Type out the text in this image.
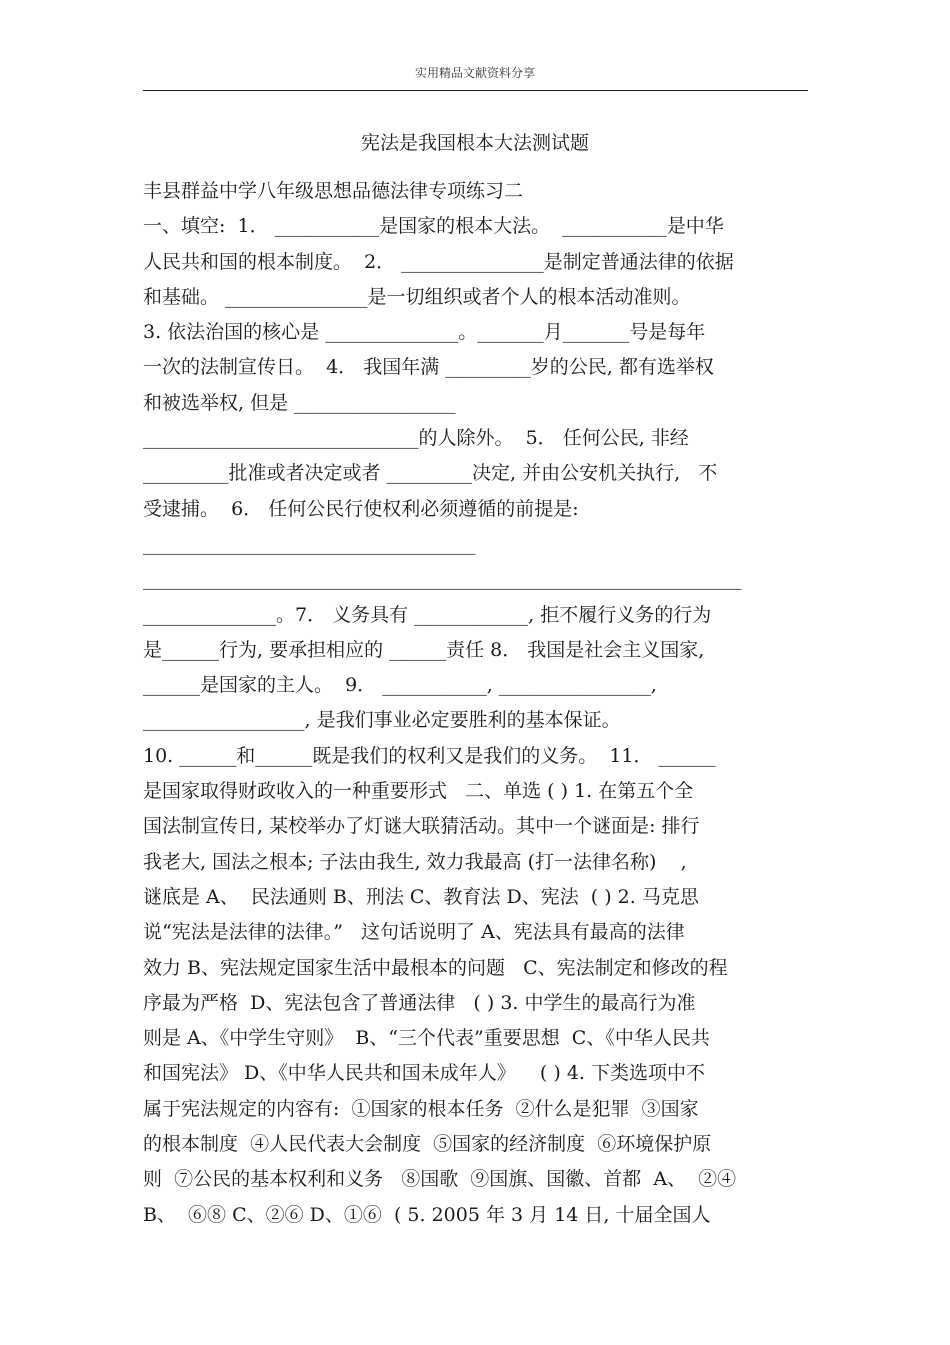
实用精品文献资料分享
宪法是我国根本大法测试题
丰县群益中学八年级思想品德法律专项练习二
一、填空:  1． ___________是国家的根本大法。  ___________是中华
人民共和国的根本制度。  2． _______________是制定普通法律的依据
和基础。 _______________是一切组织或者个人的根本活动准则。
3. 依法治国的核心是 ______________。_______月_______号是每年
一次的法制宣传日。  4． 我国年满 _________岁的公民, 都有选举权
和被选举权, 但是 _________________
_____________________________的人除外。  5． 任何公民, 非经
_________批准或者决定或者 _________决定, 并由公安机关执行,   不
受逮捕。  6． 任何公民行使权利必须遵循的前提是:
___________________________________
_______________________________________________________________
______________。7． 义务具有 ____________, 拒不履行义务的行为
是______行为, 要承担相应的 ______责任 8． 我国是社会主义国家,
______是国家的主人。  9． ___________, ________________,
_________________, 是我们事业必定要胜利的基本保证。
10. ______和______既是我们的权利又是我们的义务。  11． ______
是国家取得财政收入的一种重要形式   二、单选 ( ) 1. 在第五个全
国法制宣传日, 某校举办了灯谜大联猜活动。其中一个谜面是: 排行
我老大, 国法之根本; 子法由我生, 效力我最高 (打一法律名称)    ,
谜底是 A、  民法通则 B、刑法 C、教育法 D、宪法  ( ) 2. 马克思
说“宪法是法律的法律。”   这句话说明了 A、宪法具有最高的法律
效力 B、宪法规定国家生活中最根本的问题   C、宪法制定和修改的程
序最为严格  D、宪法包含了普通法律   ( ) 3. 中学生的最高行为准
则是 A、《中学生守则》  B、“三个代表”重要思想  C、《中华人民共
和国宪法》 D、《中华人民共和国未成年人》    ( ) 4. 下类选项中不
属于宪法规定的内容有:  ①国家的根本任务  ②什么是犯罪  ③国家
的根本制度  ④人民代表大会制度  ⑤国家的经济制度  ⑥环境保护原
则  ⑦公民的基本权利和义务   ⑧国歌  ⑨国旗、国徽、首都  A、  ②④
B、  ⑥⑧ C、②⑥ D、①⑥  ( 5. 2005 年 3 月 14 日, 十届全国人
